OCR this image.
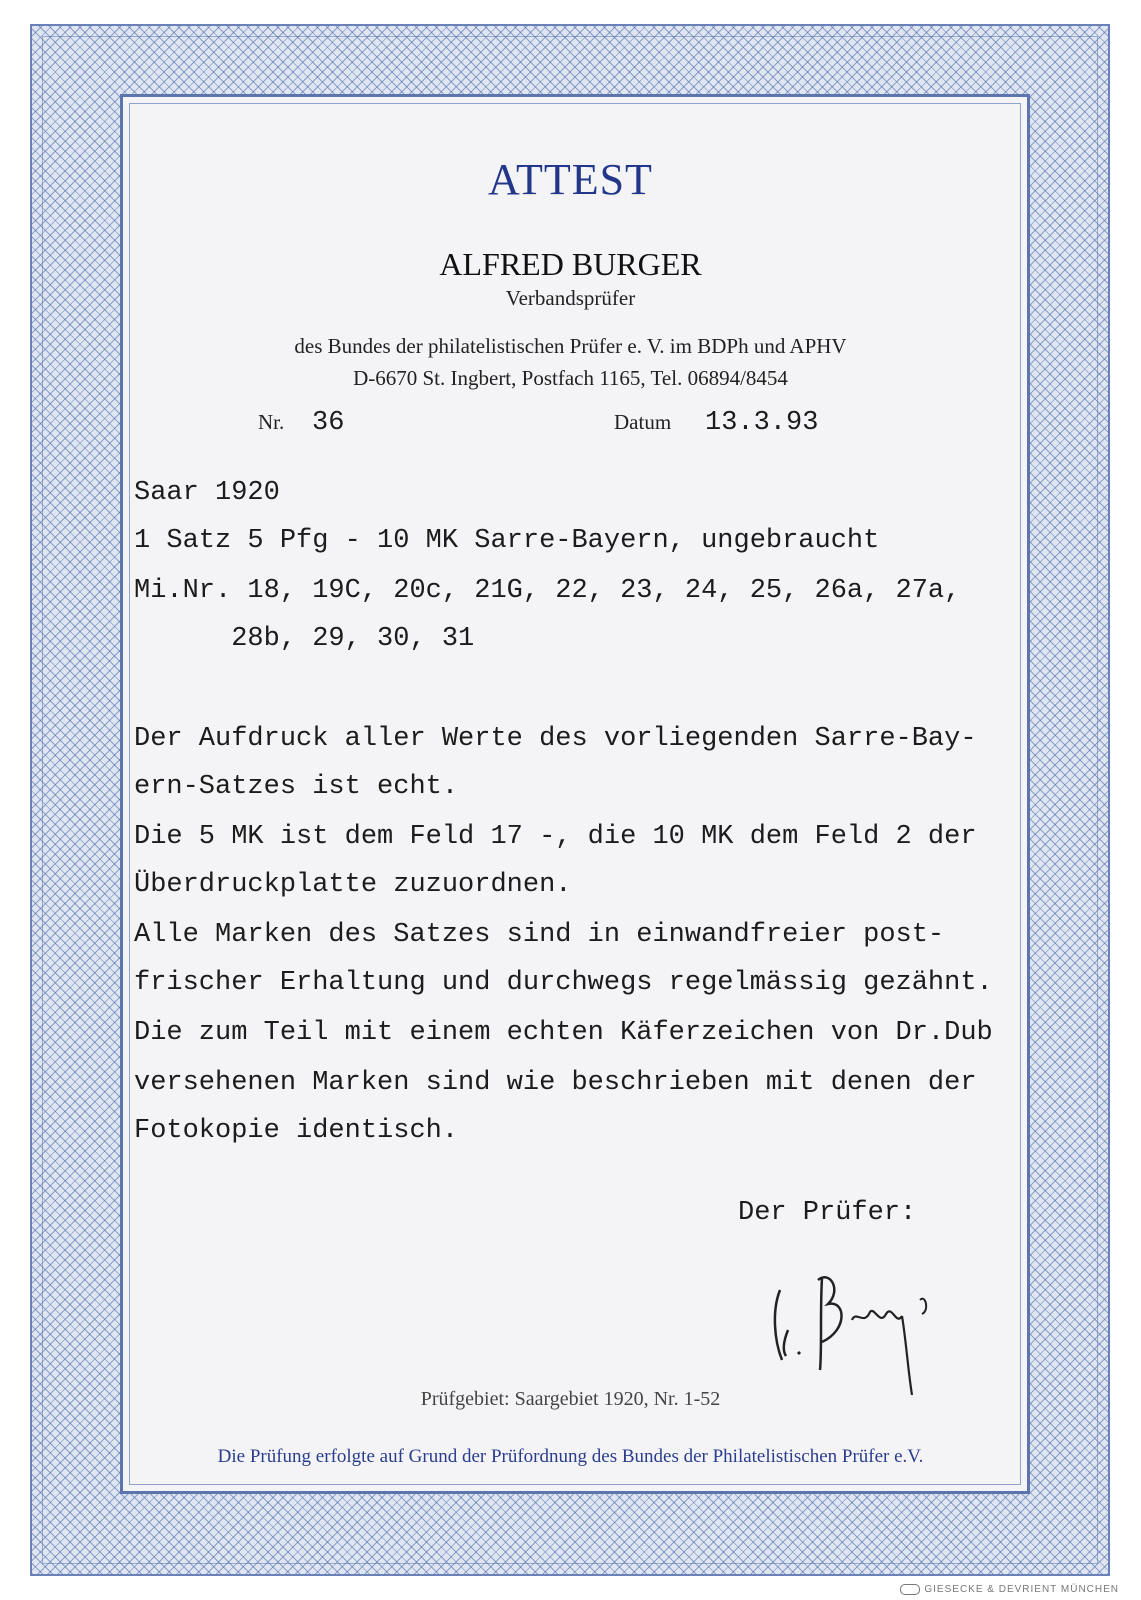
ATTEST
ALFRED BURGER
Verbandsprüfer
des Bundes der philatelistischen Prüfer e. V. im BDPh und APHV
D-6670 St. Ingbert, Postfach 1165, Tel. 06894/8454
Nr. 36	Datum 13.3.93
Saar 1920
1 Satz 5 Pfg - 10 MK Sarre-Bayern, ungebraucht
Mi.Nr. 18, 19C, 20c, 21G, 22, 23, 24, 25, 26a, 27a,
28b, 29, 30, 31
Der Aufdruck aller Werte des vorliegenden Sarre-Bay-
ern-Satzes ist echt.
Die 5 MK ist dem Feld 17 -, die 10 MK dem Feld 2 der
Überdruckplatte zuzuordnen.
Alle Marken des Satzes sind in einwandfreier post-
frischer Erhaltung und durchwegs regelmässig gezähnt.
Die zum Teil mit einem echten Käferzeichen von Dr.Dub
versehenen Marken sind wie beschrieben mit denen der
Fotokopie identisch.
Der Prüfer:
Prüfgebiet: Saargebiet 1920, Nr. 1-52
Die Prüfung erfolgte auf Grund der Prüfordnung des Bundes der Philatelistischen Prüfer e.V.
GIESECKE & DEVRIENT MÜNCHEN
